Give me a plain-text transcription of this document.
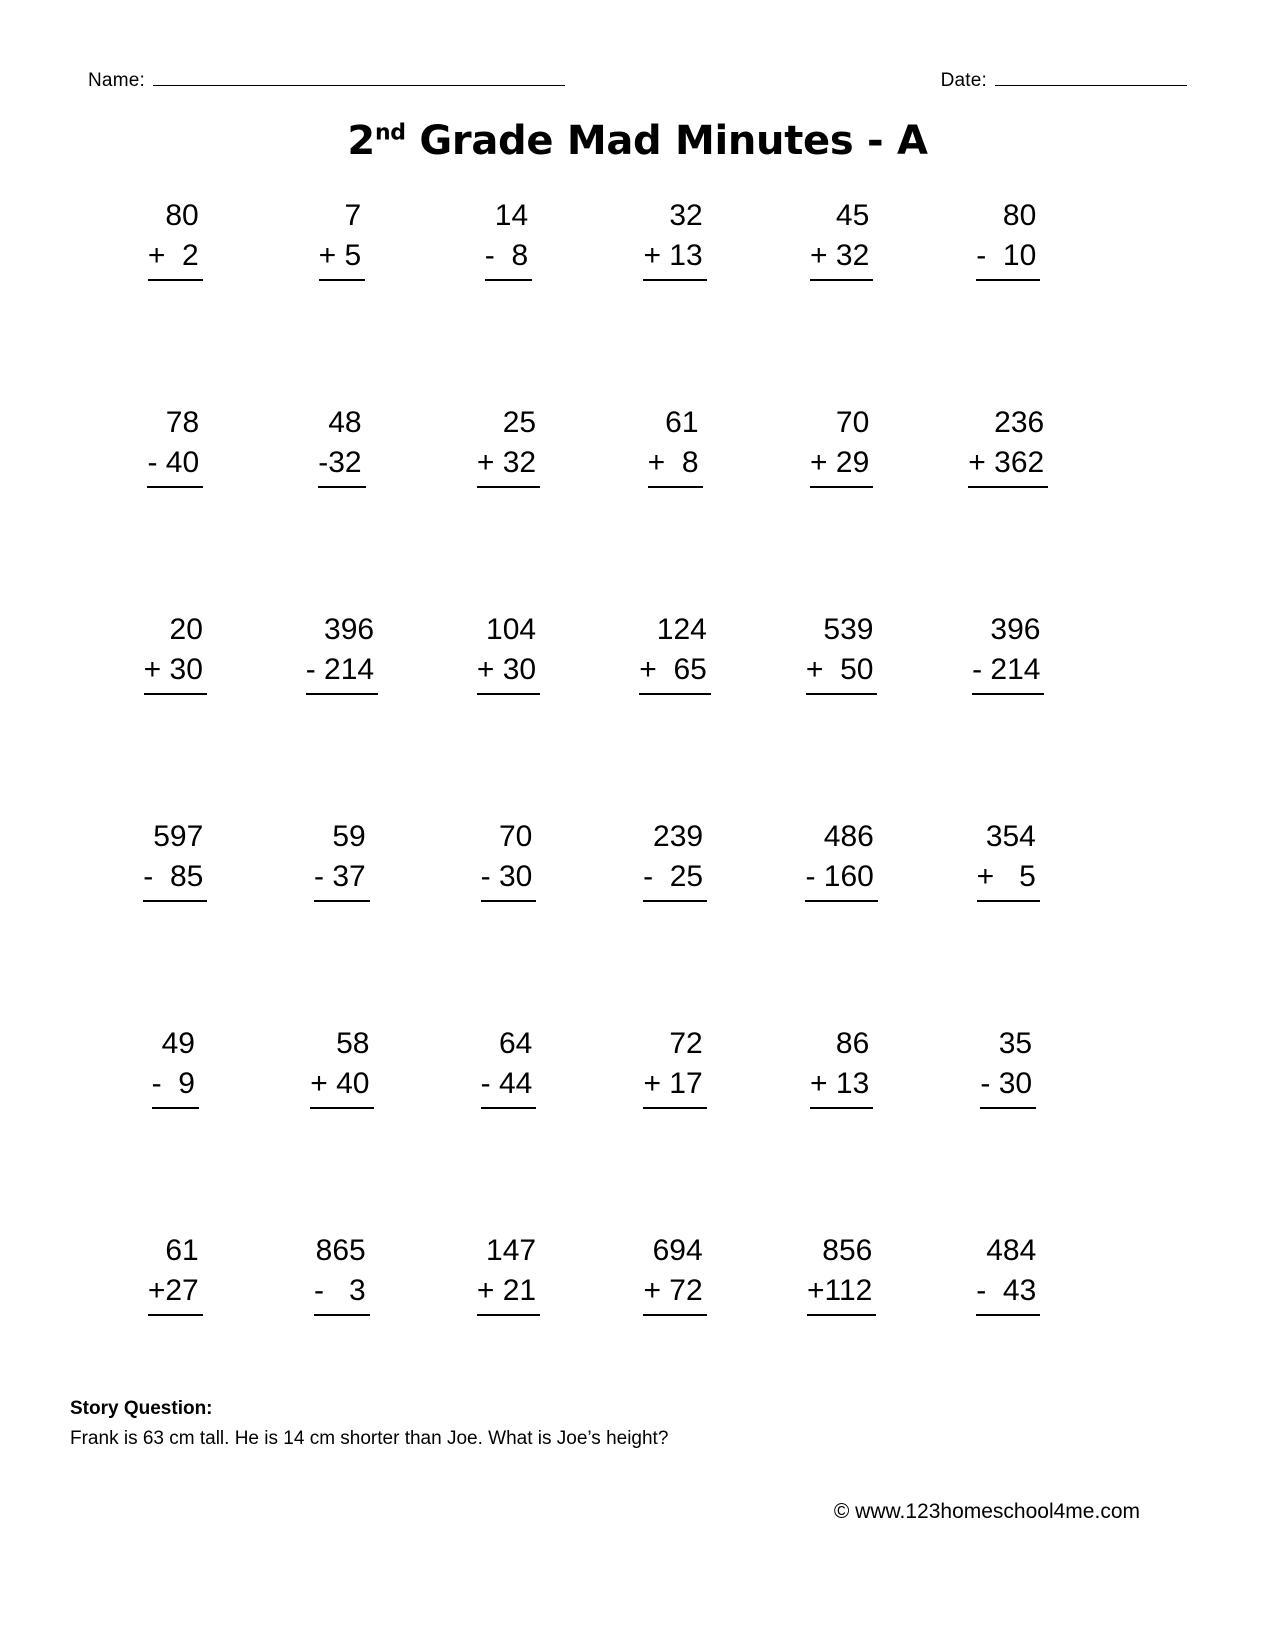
Name:	Date:
2nd Grade Mad Minutes - A
80
+  2
7
+ 5
14
-  8
32
+ 13
45
+ 32
80
-  10
78
- 40
48
-32
25
+ 32
61
+  8
70
+ 29
236
+ 362
20
+ 30
396
- 214
104
+ 30
124
+  65
539
+  50
396
- 214
597
-  85
59
- 37
70
- 30
239
-  25
486
- 160
354
+   5
49
-  9
58
+ 40
64
- 44
72
+ 17
86
+ 13
35
- 30
61
+27
865
-   3
147
+ 21
694
+ 72
856
+112
484
-  43
Story Question:
Frank is 63 cm tall. He is 14 cm shorter than Joe. What is Joe’s height?
© www.123homeschool4me.com
